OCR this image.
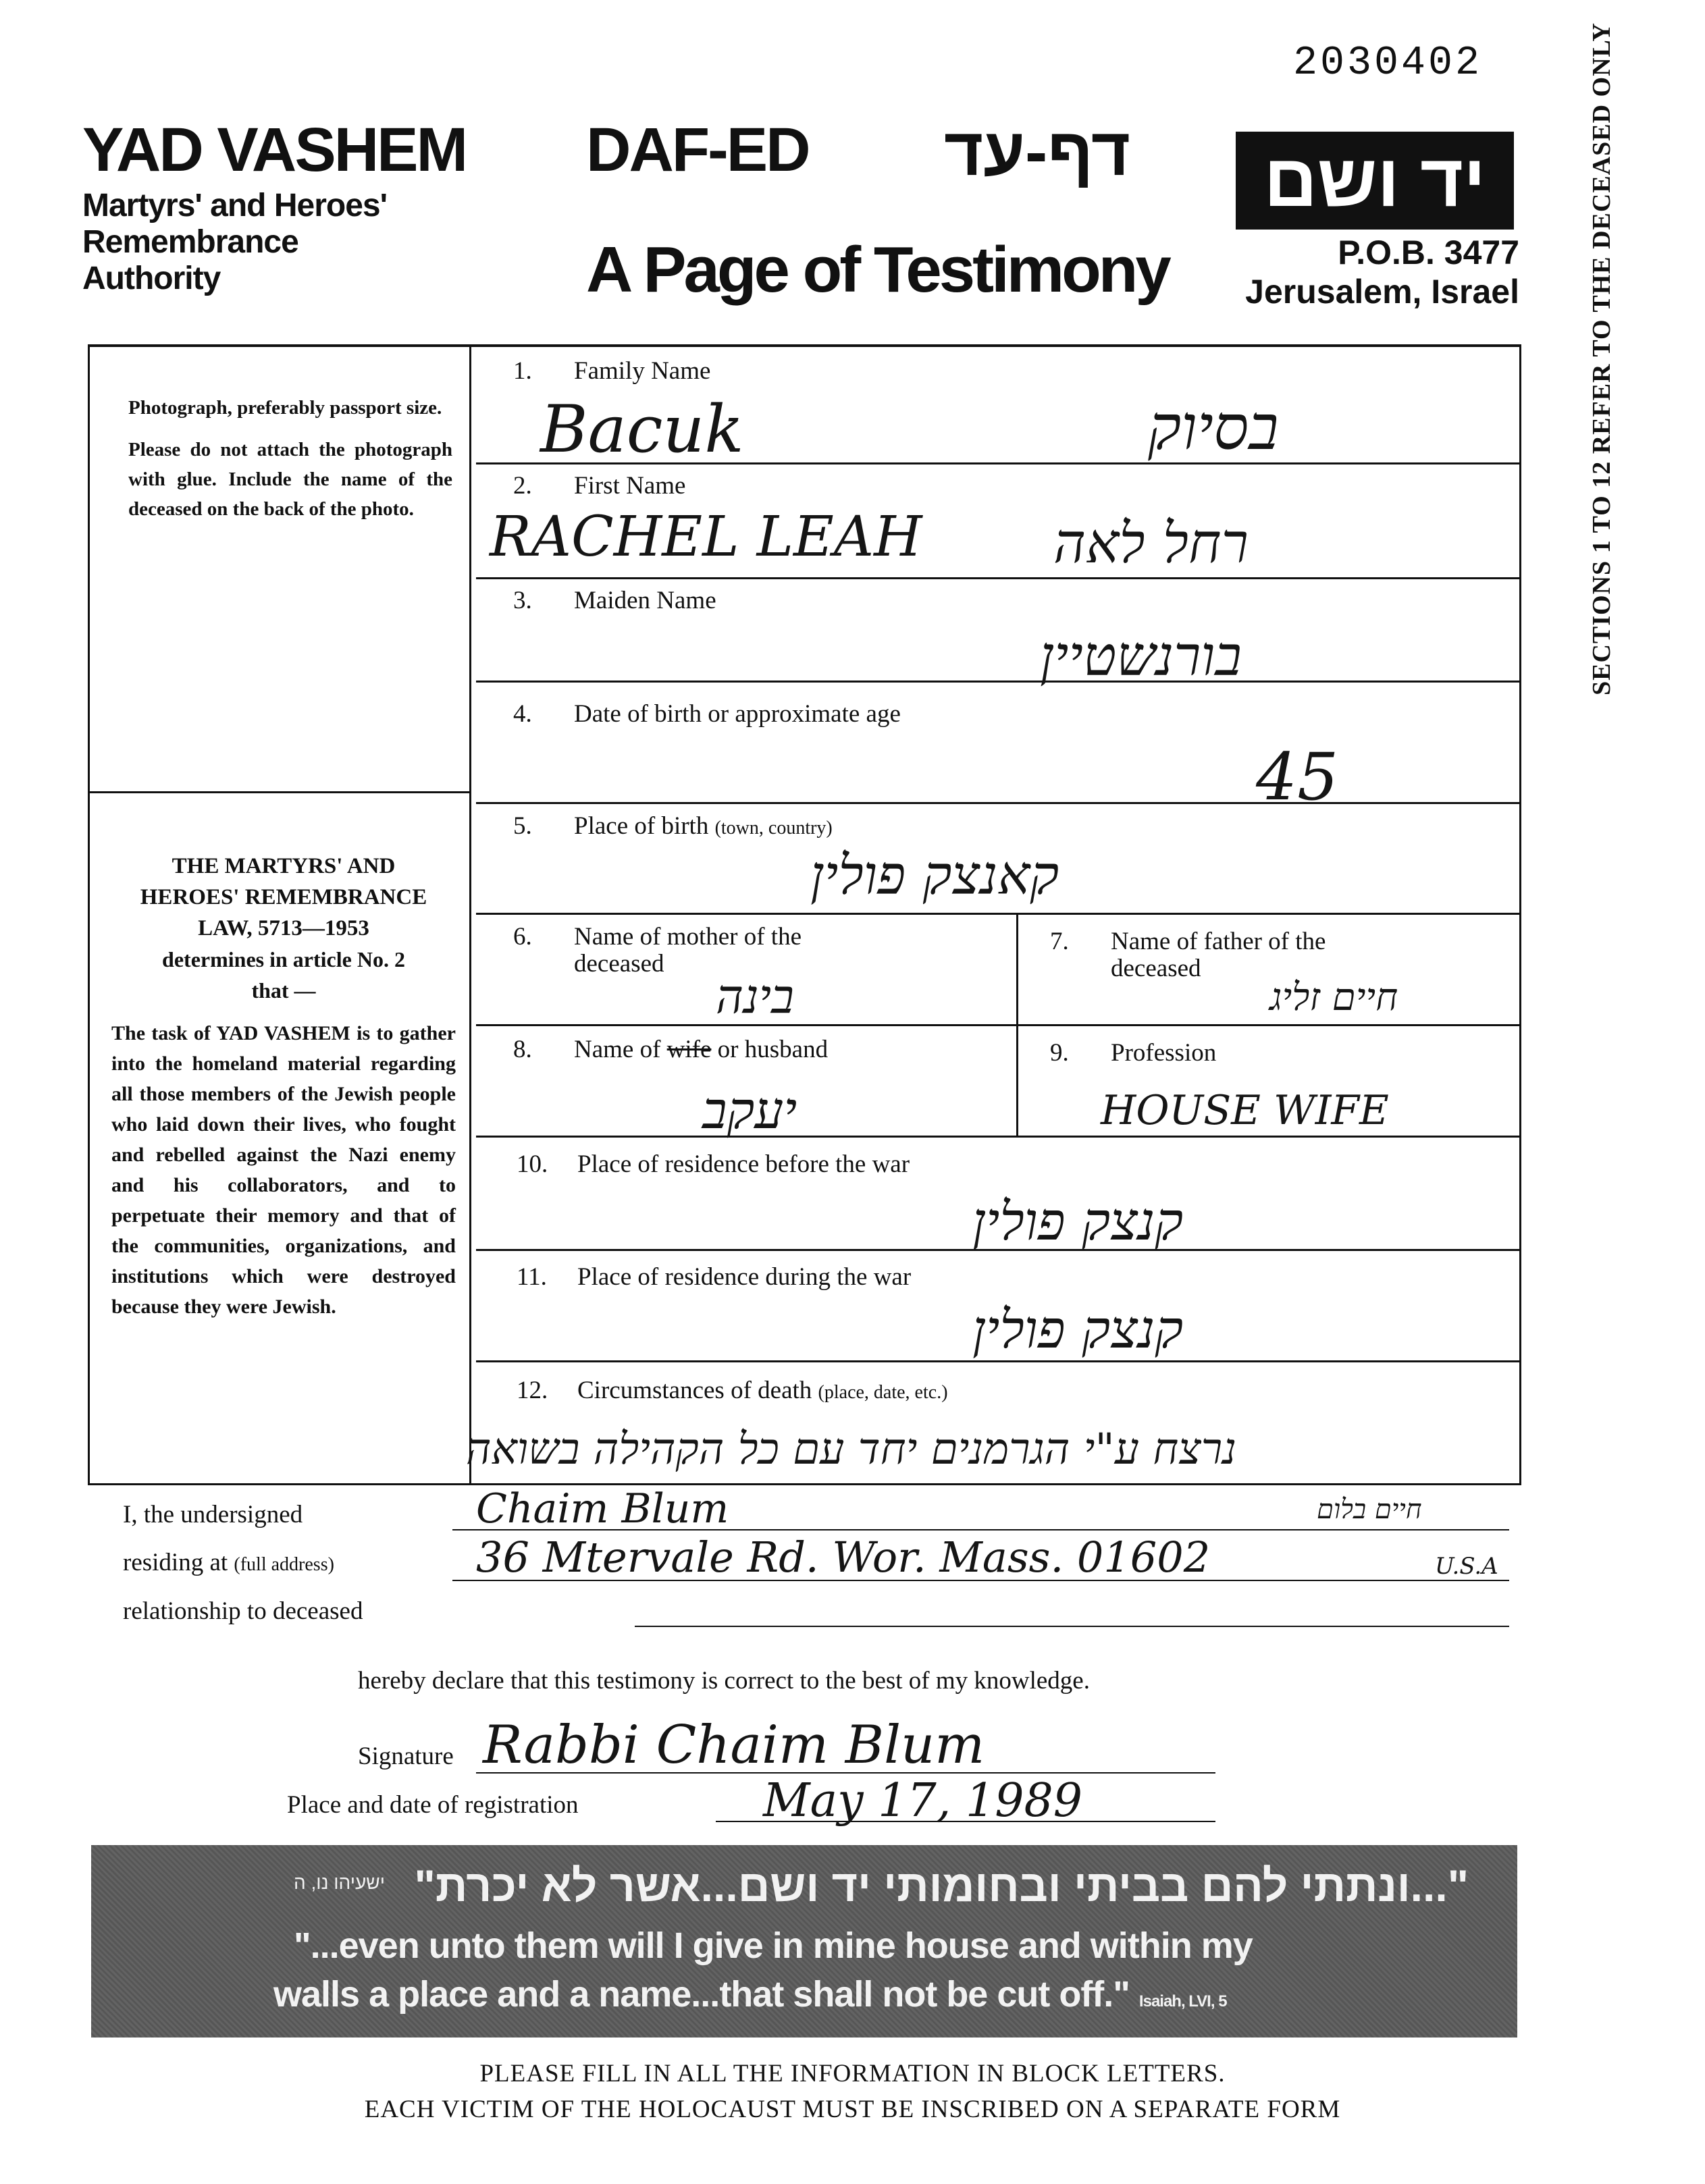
2030402
YAD VASHEM
Martyrs' and Heroes'
Remembrance
Authority
DAF-ED דף-עד
A Page of Testimony
יד ושם
P.O.B. 3477
Jerusalem, Israel

Photograph, preferably passport size.

Please do not attach the photograph with glue. Include the name of the deceased on the back of the photo.

THE MARTYRS' AND
HEROES' REMEMBRANCE
LAW, 5713—1953
determines in article No. 2
that —
The task of YAD VASHEM is to gather into the homeland material regarding all those members of the Jewish people who laid down their lives, who fought and rebelled against the Nazi enemy and his collaborators, and to perpetuate their memory and that of the communities, organizations, and institutions which were destroyed because they were Jewish.
1. Family Name
Bacuk	בסיוק
2. First Name
RACHEL LEAH רחל לאה
3. Maiden Name
בורנשטיין
4. Date of birth or approximate age
45
5. Place of birth (town, country)
קאנצק פולין
6. Name of mother of the
deceased
בינה
7. Name of father of the
deceased
חיים זליג
8. Name of wife or husband
יעקב
9. Profession
HOUSE WIFE
10. Place of residence before the war
קנצק פולין
11. Place of residence during the war
קנצק פולין
12. Circumstances of death (place, date, etc.)
נרצח ע"י הגרמנים יחד עם כל הקהילה בשואה
SECTIONS 1 TO 12 REFER TO THE DECEASED ONLY
I, the undersigned	Chaim Blum	חיים בלום
residing at (full address)	36 Mtervale Rd. Wor. Mass. 01602	U.S.A
relationship to deceased
hereby declare that this testimony is correct to the best of my knowledge.
Signature Rabbi Chaim Blum
Place and date of registration	May 17, 1989
"...ונתתי להם בביתי ובחומותי יד ושם...אשר לא יכרת"
ישעיהו נו, ה
"...even unto them will I give in mine house and within my
walls a place and a name...that shall not be cut off." Isaiah, LVI, 5
PLEASE FILL IN ALL THE INFORMATION IN BLOCK LETTERS.
EACH VICTIM OF THE HOLOCAUST MUST BE INSCRIBED ON A SEPARATE FORM
